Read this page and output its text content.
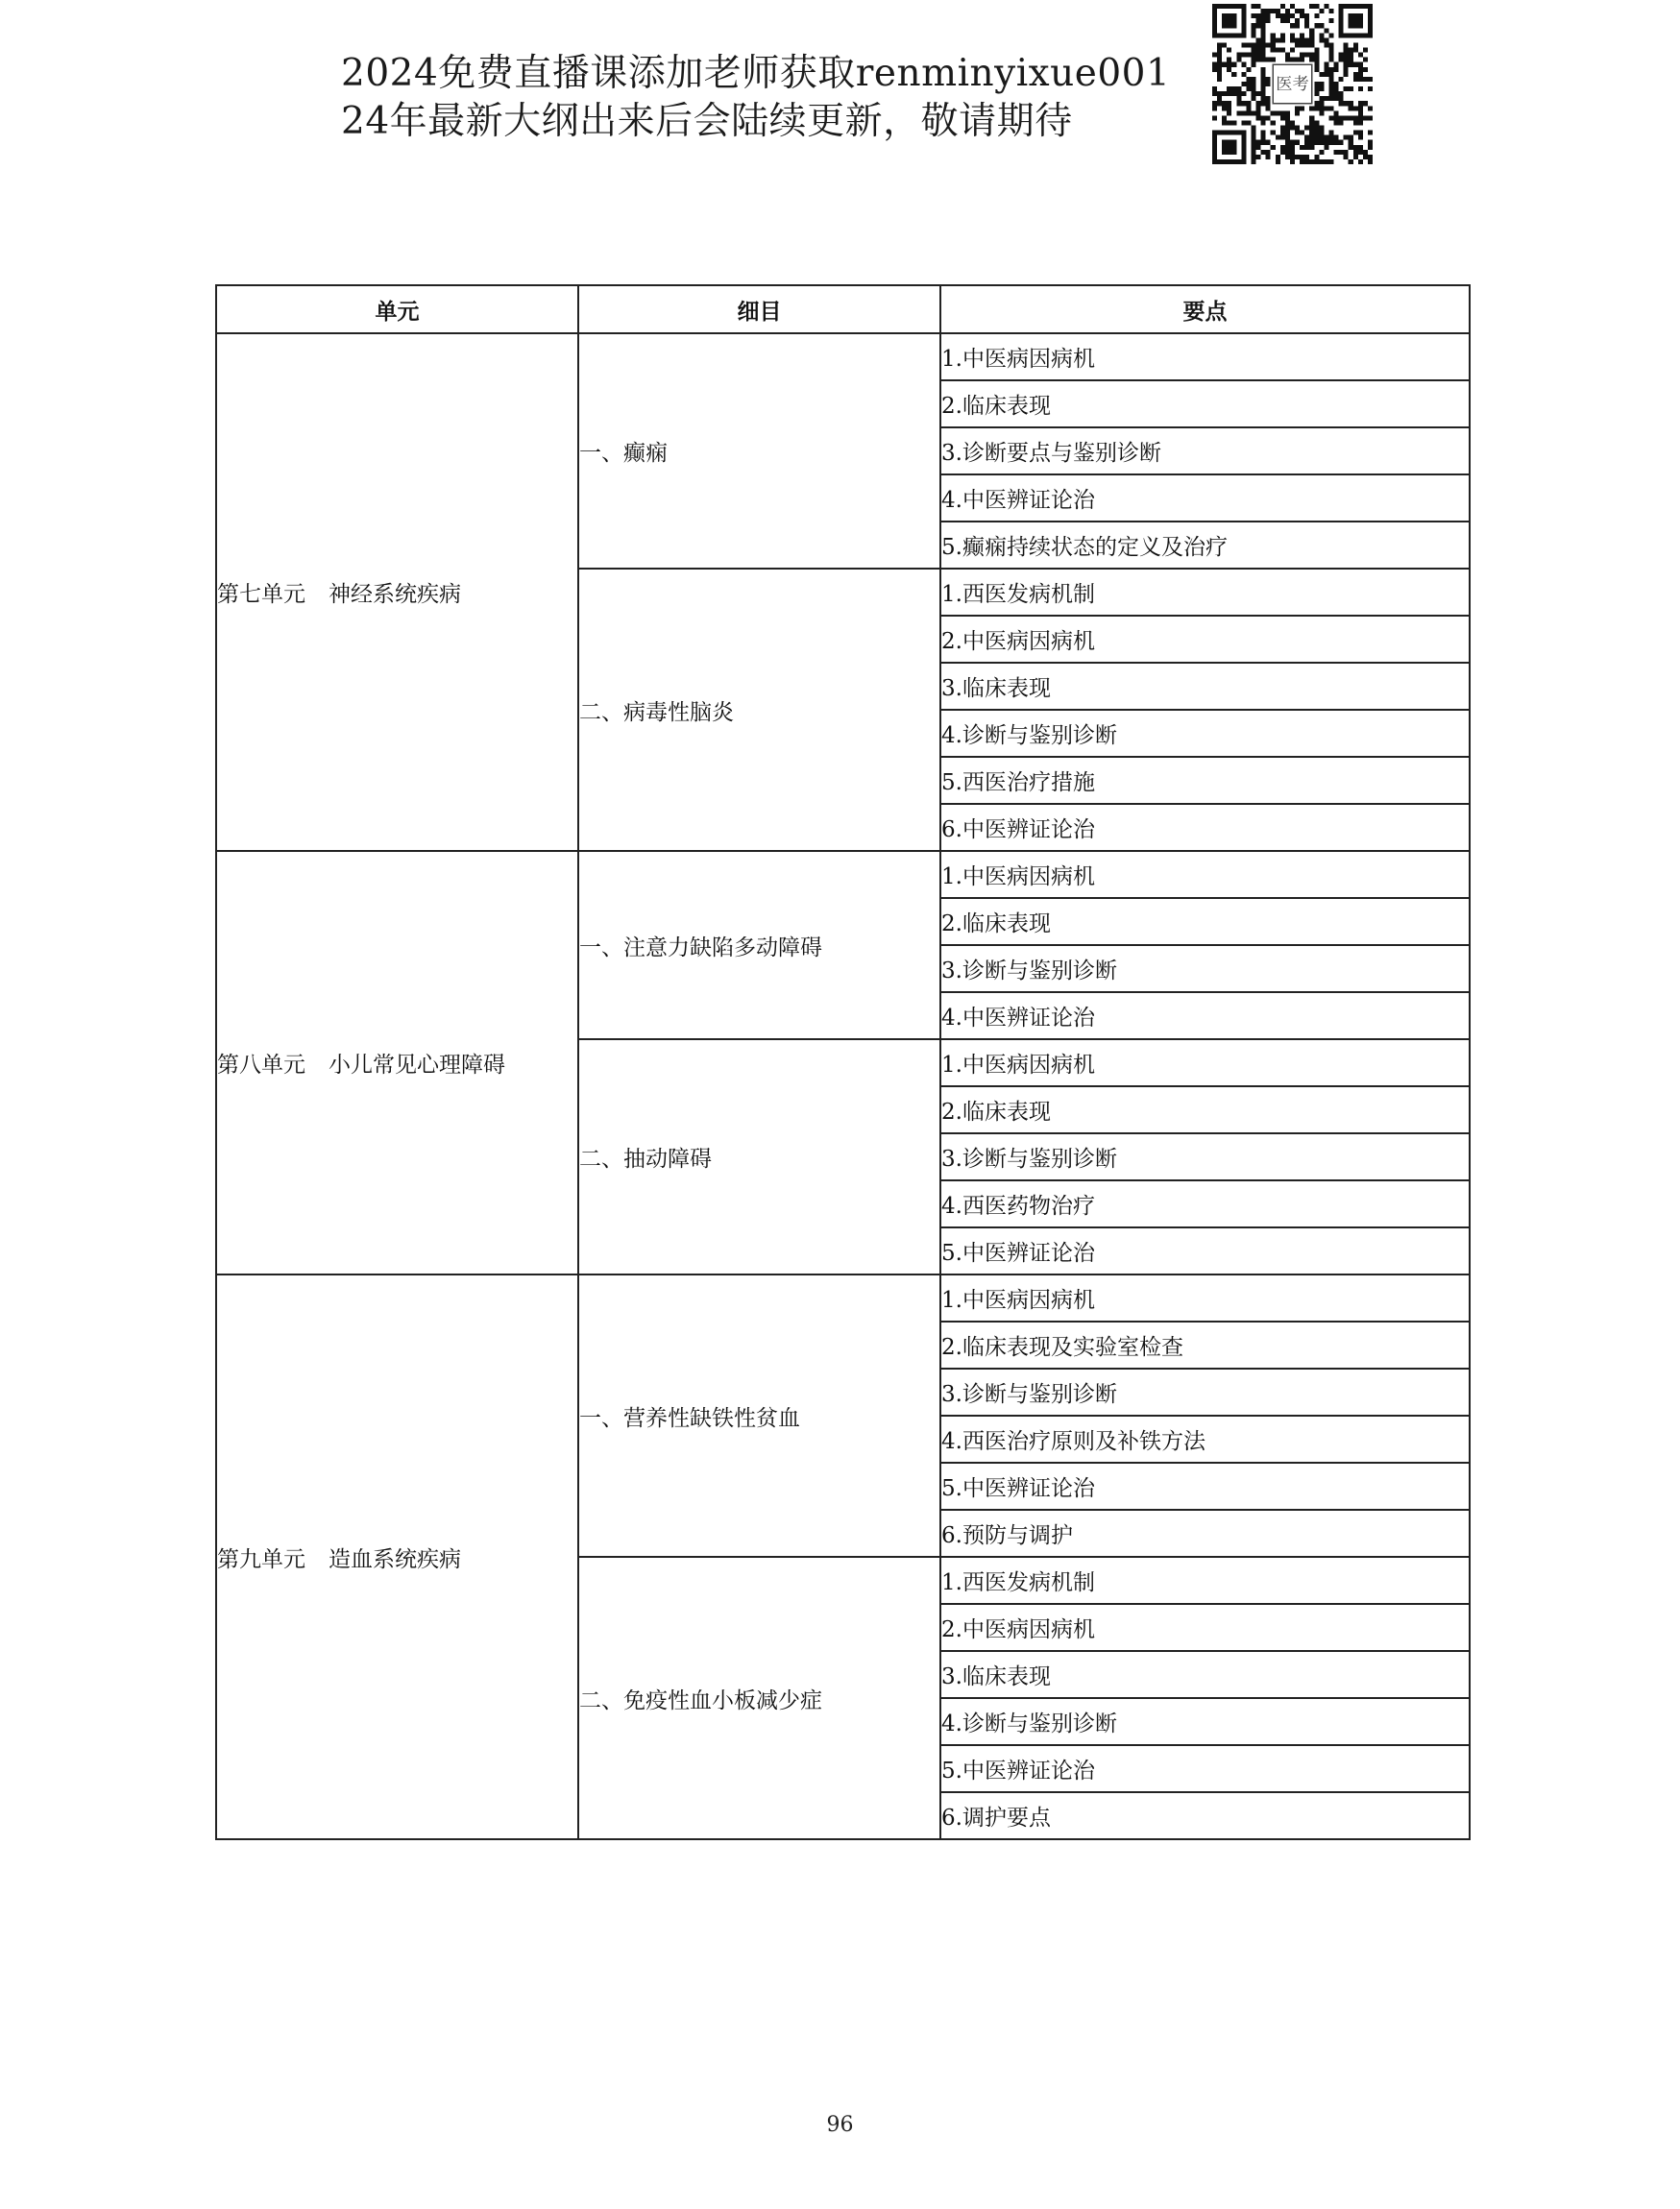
2024免费直播课添加老师获取renminyixue001
24年最新大纲出来后会陆续更新，敬请期待
医考
单元	细目	要点
第七单元 神经系统疾病	一、癫痫	1.中医病因病机
		2.临床表现
		3.诊断要点与鉴别诊断
		4.中医辨证论治
		5.癫痫持续状态的定义及治疗
	二、病毒性脑炎	1.西医发病机制
		2.中医病因病机
		3.临床表现
		4.诊断与鉴别诊断
		5.西医治疗措施
		6.中医辨证论治
第八单元 小儿常见心理障碍	一、注意力缺陷多动障碍	1.中医病因病机
		2.临床表现
		3.诊断与鉴别诊断
		4.中医辨证论治
	二、抽动障碍	1.中医病因病机
		2.临床表现
		3.诊断与鉴别诊断
		4.西医药物治疗
		5.中医辨证论治
第九单元 造血系统疾病	一、营养性缺铁性贫血	1.中医病因病机
		2.临床表现及实验室检查
		3.诊断与鉴别诊断
		4.西医治疗原则及补铁方法
		5.中医辨证论治
		6.预防与调护
	二、免疫性血小板减少症	1.西医发病机制
		2.中医病因病机
		3.临床表现
		4.诊断与鉴别诊断
		5.中医辨证论治
		6.调护要点
96
